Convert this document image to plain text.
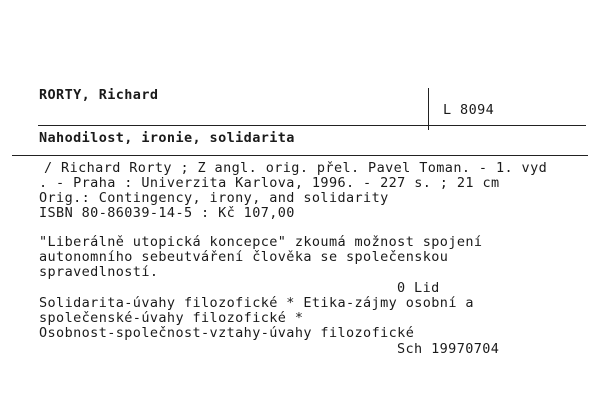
RORTY, Richard
L 8094
Nahodilost, ironie, solidarita
/ Richard Rorty ; Z angl. orig. přel. Pavel Toman. - 1. vyd
. - Praha : Univerzita Karlova, 1996. - 227 s. ; 21 cm
Orig.: Contingency, irony, and solidarity
ISBN 80-86039-14-5 : Kč 107,00
"Liberálně utopická koncepce" zkoumá možnost spojení
autonomního sebeutváření člověka se společenskou
spravedlností.
0 Lid
Solidarita-úvahy filozofické * Etika-zájmy osobní a
společenské-úvahy filozofické *
Osobnost-společnost-vztahy-úvahy filozofické
Sch 19970704
